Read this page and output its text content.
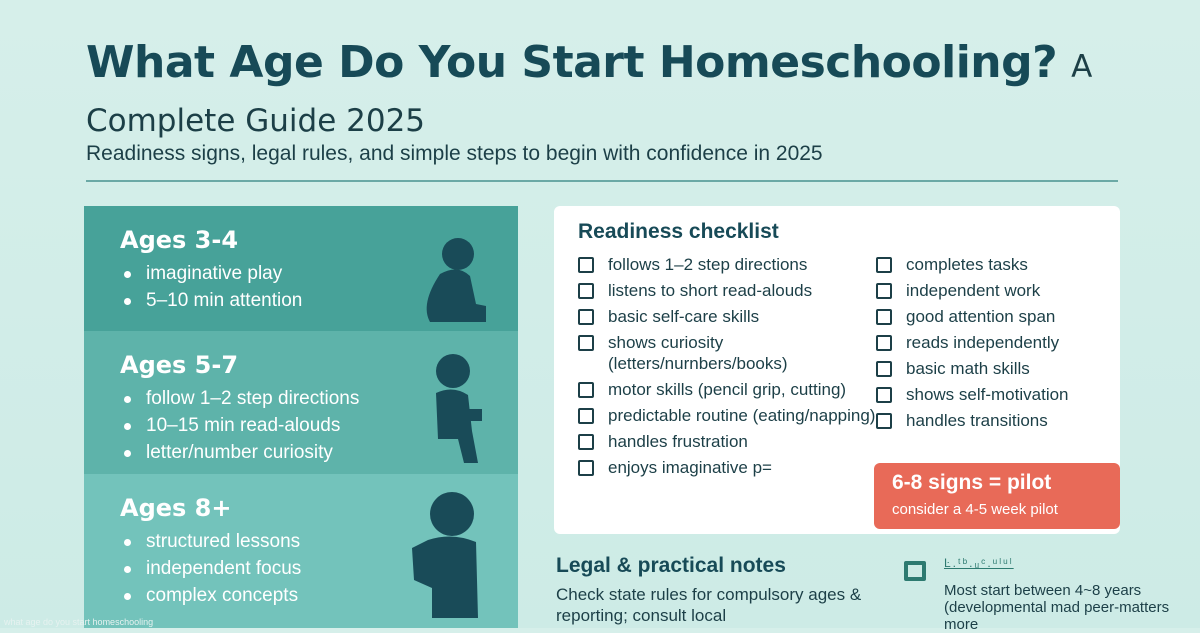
What Age Do You Start Homeschooling? A Complete Guide 2025
Readiness signs, legal rules, and simple steps to begin with confidence in 2025
Ages 3-4
imaginative play
5–10 min attention
Ages 5-7
follow 1–2 step directions
10–15 min read-alouds
letter/number curiosity
Ages 8+
structured lessons
independent focus
complex concepts
Readiness checklist
follows 1–2 step directions
listens to short read-alouds
basic self-care skills
shows curiosity (letters/nurnbers/books)
motor skills (pencil grip, cutting)
predictable routine (eating/napping)
handles frustration
enjoys imaginative p=
completes tasks
independent work
good attention span
reads independently
basic math skills
shows self-motivation
handles transitions
6-8 signs = pilot
consider a 4-5 week pilot
Legal & practical notes

Check state rules for compulsory ages & reporting; consult local

Ŀ.ᵗᵇ.ᵤᶜ.ᵘˡᵘˡ
Most start between 4~8 years (developmental mad peer-matters more
what age do you start homeschooling
